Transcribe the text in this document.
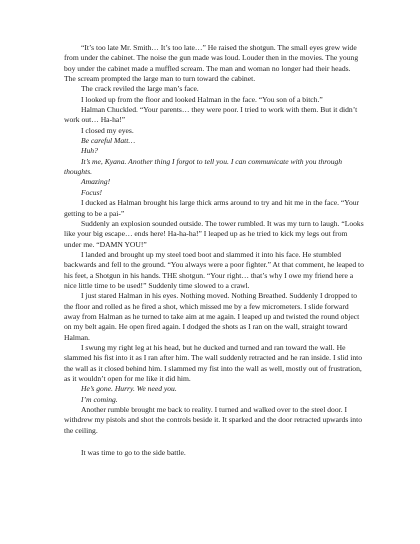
“It’s too late Mr. Smith… It’s too late…” He raised the shotgun. The small eyes grew wide from under the cabinet. The noise the gun made was loud. Louder then in the movies. The young boy under the cabinet made a muffled scream. The man and woman no longer had their heads. The scream prompted the large man to turn toward the cabinet.

The crack reviled the large man’s face.

I looked up from the floor and looked Halman in the face. “You son of a bitch.”

Halman Chuckled. “Your parents… they were poor. I tried to work with them. But it didn’t work out… Ha-ha!”

I closed my eyes.

Be careful Matt…

Huh?

It’s me, Kyana. Another thing I forgot to tell you. I can communicate with you through thoughts.

Amazing!

Focus!

I ducked as Halman brought his large thick arms around to try and hit me in the face. “Your getting to be a pai-”

Suddenly an explosion sounded outside. The tower rumbled. It was my turn to laugh. “Looks like your big escape… ends here! Ha-ha-ha!” I leaped up as he tried to kick my legs out from under me. “DAMN YOU!”

I landed and brought up my steel toed boot and slammed it into his face. He stumbled backwards and fell to the ground. “You always were a poor fighter.” At that comment, he leaped to his feet, a Shotgun in his hands. THE shotgun. “Your right… that’s why I owe my friend here a nice little time to be used!” Suddenly time slowed to a crawl.

I just stared Halman in his eyes. Nothing moved. Nothing Breathed. Suddenly I dropped to the floor and rolled as he fired a shot, which missed me by a few micrometers. I slide forward away from Halman as he turned to take aim at me again. I leaped up and twisted the round object on my belt again. He open fired again. I dodged the shots as I ran on the wall, straight toward Halman.

I swung my right leg at his head, but he ducked and turned and ran toward the wall. He slammed his fist into it as I ran after him. The wall suddenly retracted and he ran inside. I slid into the wall as it closed behind him. I slammed my fist into the wall as well, mostly out of frustration, as it wouldn’t open for me like it did him.

He’s gone. Hurry. We need you.

I’m coming.

Another rumble brought me back to reality. I turned and walked over to the steel door. I withdrew my pistols and shot the controls beside it. It sparked and the door retracted upwards into the ceiling.

It was time to go to the side battle.
